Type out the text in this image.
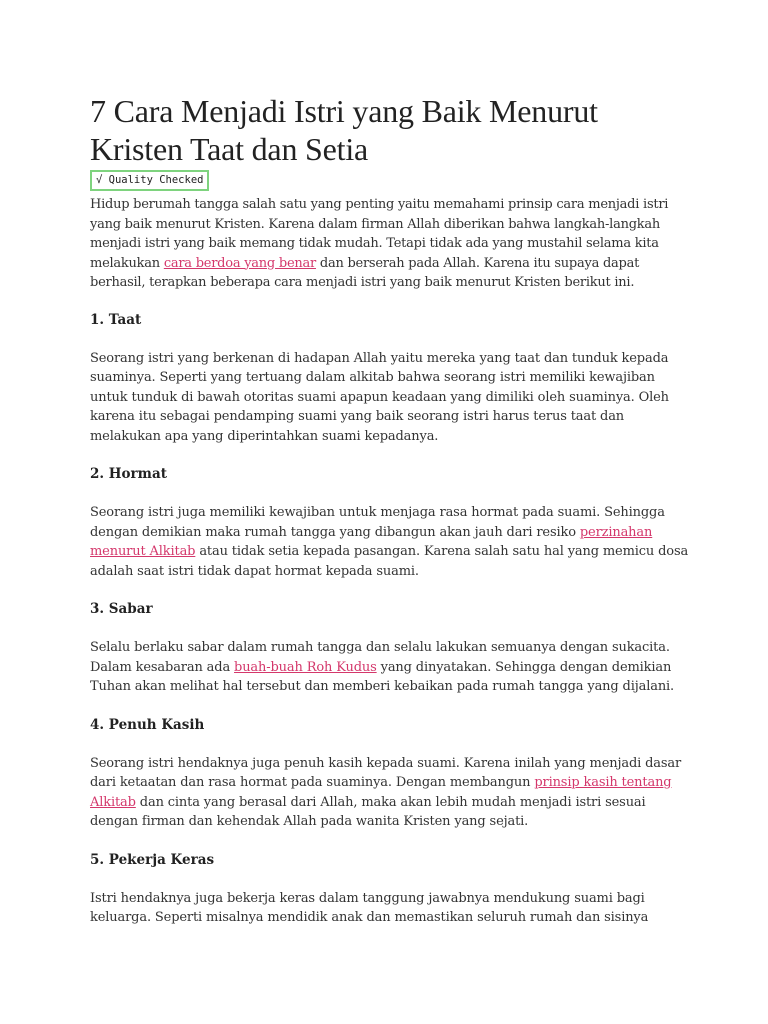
7 Cara Menjadi Istri yang Baik Menurut Kristen Taat dan Setia
√ Quality Checked

Hidup berumah tangga salah satu yang penting yaitu memahami prinsip cara menjadi istri yang baik menurut Kristen. Karena dalam firman Allah diberikan bahwa langkah-langkah menjadi istri yang baik memang tidak mudah. Tetapi tidak ada yang mustahil selama kita melakukan cara berdoa yang benar dan berserah pada Allah. Karena itu supaya dapat berhasil, terapkan beberapa cara menjadi istri yang baik menurut Kristen berikut ini.

1. Taat

Seorang istri yang berkenan di hadapan Allah yaitu mereka yang taat dan tunduk kepada suaminya. Seperti yang tertuang dalam alkitab bahwa seorang istri memiliki kewajiban untuk tunduk di bawah otoritas suami apapun keadaan yang dimiliki oleh suaminya. Oleh karena itu sebagai pendamping suami yang baik seorang istri harus terus taat dan melakukan apa yang diperintahkan suami kepadanya.

2. Hormat

Seorang istri juga memiliki kewajiban untuk menjaga rasa hormat pada suami. Sehingga dengan demikian maka rumah tangga yang dibangun akan jauh dari resiko perzinahan menurut Alkitab atau tidak setia kepada pasangan. Karena salah satu hal yang memicu dosa adalah saat istri tidak dapat hormat kepada suami.

3. Sabar

Selalu berlaku sabar dalam rumah tangga dan selalu lakukan semuanya dengan sukacita. Dalam kesabaran ada buah-buah Roh Kudus yang dinyatakan. Sehingga dengan demikian Tuhan akan melihat hal tersebut dan memberi kebaikan pada rumah tangga yang dijalani.

4. Penuh Kasih

Seorang istri hendaknya juga penuh kasih kepada suami. Karena inilah yang menjadi dasar dari ketaatan dan rasa hormat pada suaminya. Dengan membangun prinsip kasih tentang Alkitab dan cinta yang berasal dari Allah, maka akan lebih mudah menjadi istri sesuai dengan firman dan kehendak Allah pada wanita Kristen yang sejati.

5. Pekerja Keras

Istri hendaknya juga bekerja keras dalam tanggung jawabnya mendukung suami bagi keluarga. Seperti misalnya mendidik anak dan memastikan seluruh rumah dan sisinya
